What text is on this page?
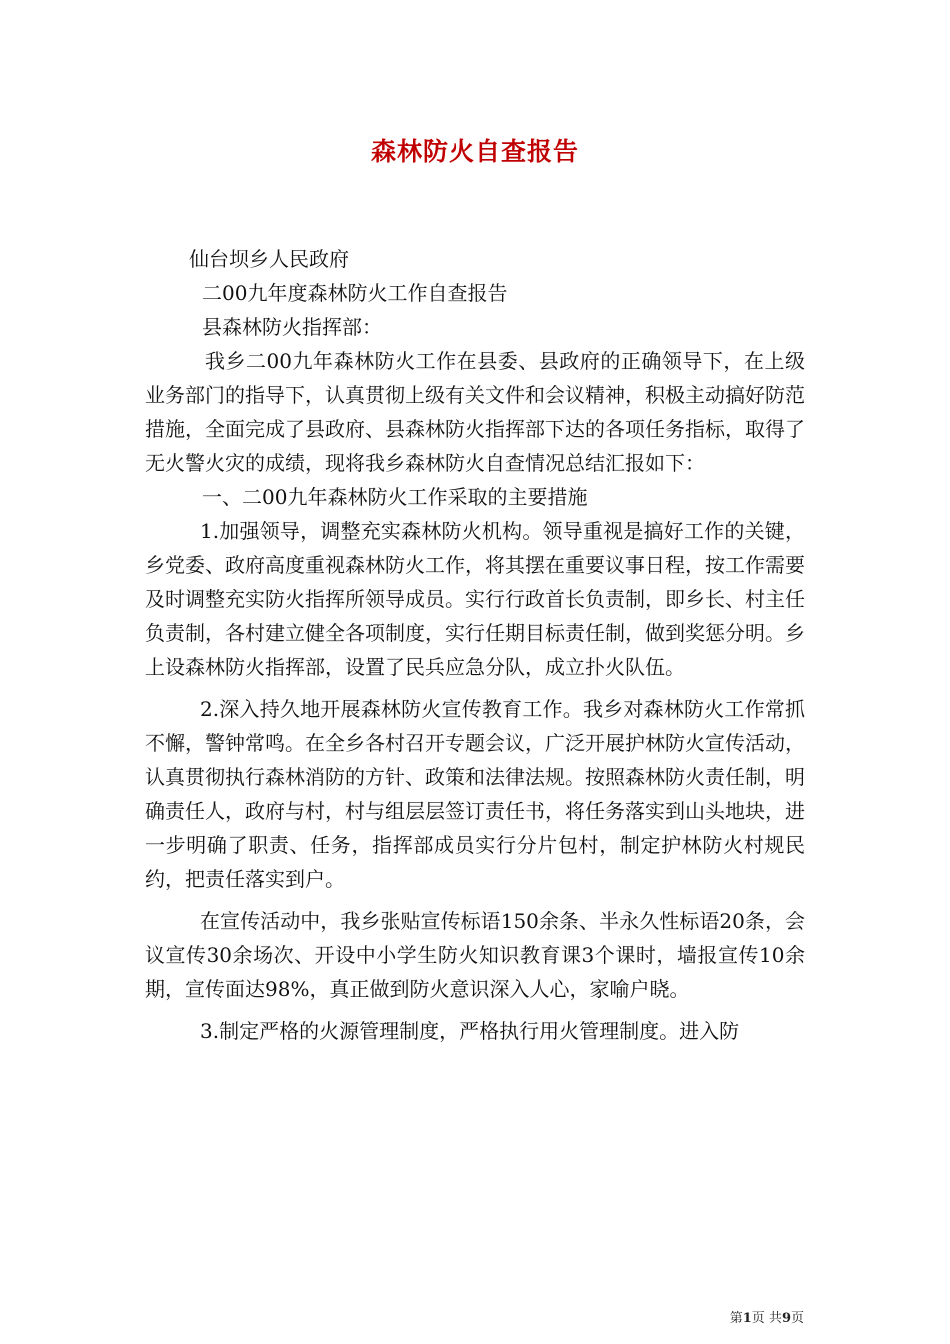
森林防火自查报告
仙台坝乡人民政府
二00九年度森林防火工作自查报告
县森林防火指挥部：
我乡二00九年森林防火工作在县委、县政府的正确领导下，在上级业务部门的指导下，认真贯彻上级有关文件和会议精神，积极主动搞好防范措施，全面完成了县政府、县森林防火指挥部下达的各项任务指标，取得了无火警火灾的成绩，现将我乡森林防火自查情况总结汇报如下：
一、二00九年森林防火工作采取的主要措施
1.加强领导，调整充实森林防火机构。领导重视是搞好工作的关键，乡党委、政府高度重视森林防火工作，将其摆在重要议事日程，按工作需要及时调整充实防火指挥所领导成员。实行行政首长负责制，即乡长、村主任负责制，各村建立健全各项制度，实行任期目标责任制，做到奖惩分明。乡上设森林防火指挥部，设置了民兵应急分队，成立扑火队伍。
2.深入持久地开展森林防火宣传教育工作。我乡对森林防火工作常抓不懈，警钟常鸣。在全乡各村召开专题会议，广泛开展护林防火宣传活动，认真贯彻执行森林消防的方针、政策和法律法规。按照森林防火责任制，明确责任人，政府与村，村与组层层签订责任书，将任务落实到山头地块，进一步明确了职责、任务，指挥部成员实行分片包村，制定护林防火村规民约，把责任落实到户。
在宣传活动中，我乡张贴宣传标语150余条、半永久性标语20条，会议宣传30余场次、开设中小学生防火知识教育课3个课时，墙报宣传10余期，宣传面达98%，真正做到防火意识深入人心，家喻户晓。
3.制定严格的火源管理制度，严格执行用火管理制度。进入防
第1页 共9页
